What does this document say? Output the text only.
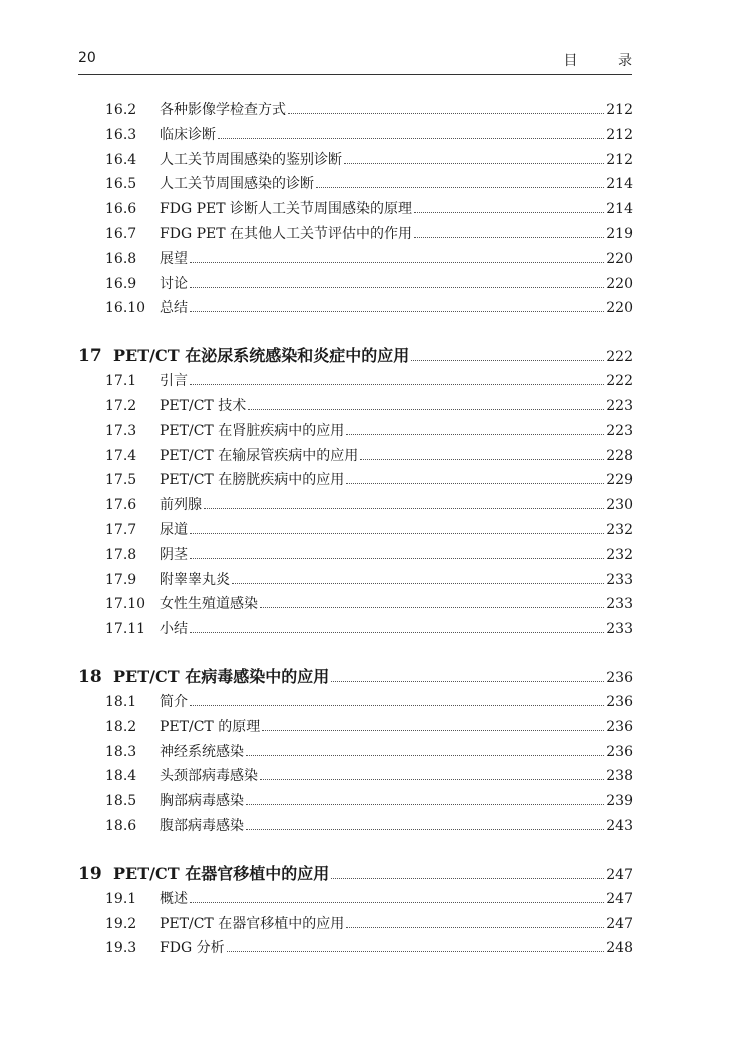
20	目 录
16.2	各种影像学检查方式	212
16.3	临床诊断	212
16.4	人工关节周围感染的鉴别诊断	212
16.5	人工关节周围感染的诊断	214
16.6	FDG PET 诊断人工关节周围感染的原理	214
16.7	FDG PET 在其他人工关节评估中的作用	219
16.8	展望	220
16.9	讨论	220
16.10	总结	220
17 PET/CT 在泌尿系统感染和炎症中的应用	222
17.1	引言	222
17.2	PET/CT 技术	223
17.3	PET/CT 在肾脏疾病中的应用	223
17.4	PET/CT 在输尿管疾病中的应用	228
17.5	PET/CT 在膀胱疾病中的应用	229
17.6	前列腺	230
17.7	尿道	232
17.8	阴茎	232
17.9	附睾睾丸炎	233
17.10	女性生殖道感染	233
17.11	小结	233
18 PET/CT 在病毒感染中的应用	236
18.1	简介	236
18.2	PET/CT 的原理	236
18.3	神经系统感染	236
18.4	头颈部病毒感染	238
18.5	胸部病毒感染	239
18.6	腹部病毒感染	243
19 PET/CT 在器官移植中的应用	247
19.1	概述	247
19.2	PET/CT 在器官移植中的应用	247
19.3	FDG 分析	248
